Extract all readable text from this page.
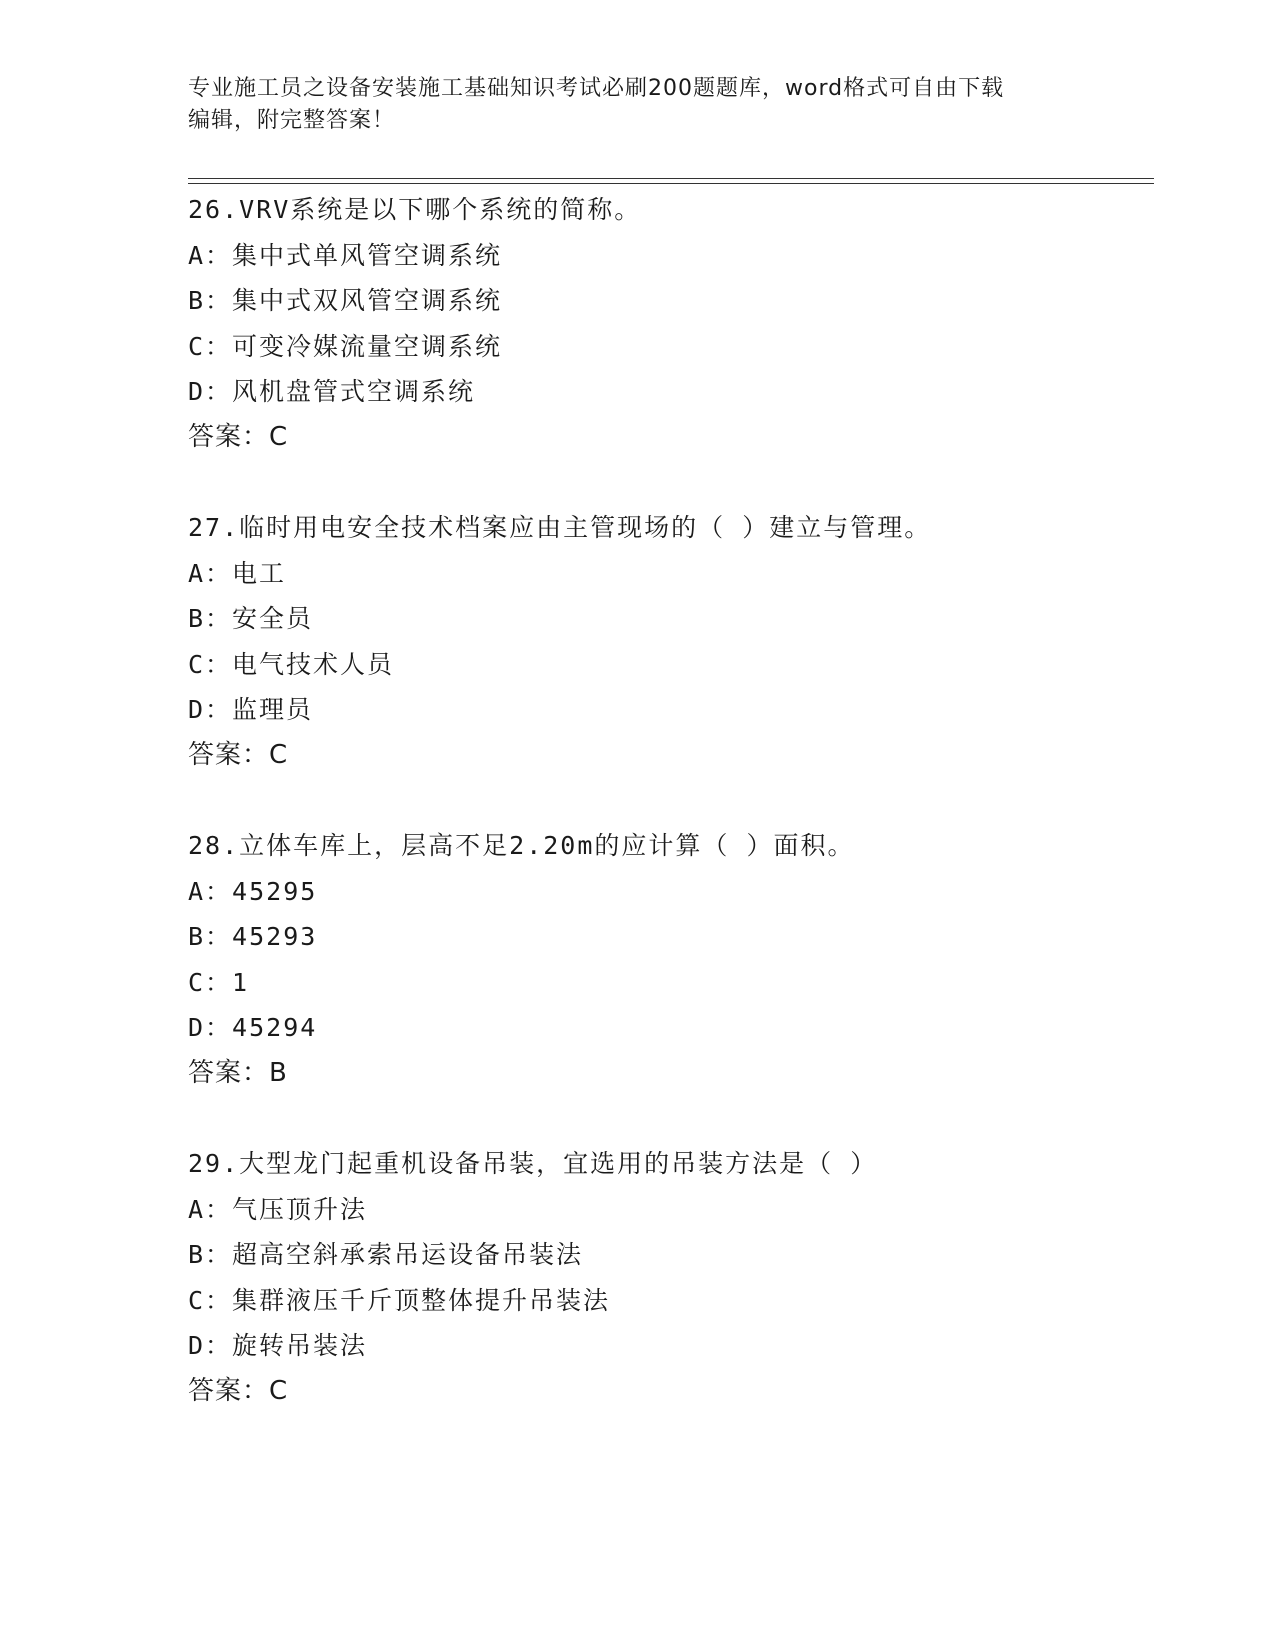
专业施工员之设备安装施工基础知识考试必刷200题题库，word格式可自由下载
编辑，附完整答案！
26.VRV系统是以下哪个系统的简称。
A：集中式单风管空调系统
B：集中式双风管空调系统
C：可变冷媒流量空调系统
D：风机盘管式空调系统
答案：C
27.临时用电安全技术档案应由主管现场的（ ）建立与管理。
A：电工
B：安全员
C：电气技术人员
D：监理员
答案：C
28.立体车库上，层高不足2.20m的应计算（ ）面积。
A：45295
B：45293
C：1
D：45294
答案：B
29.大型龙门起重机设备吊装，宜选用的吊装方法是（ ）
A：气压顶升法
B：超高空斜承索吊运设备吊装法
C：集群液压千斤顶整体提升吊装法
D：旋转吊装法
答案：C
